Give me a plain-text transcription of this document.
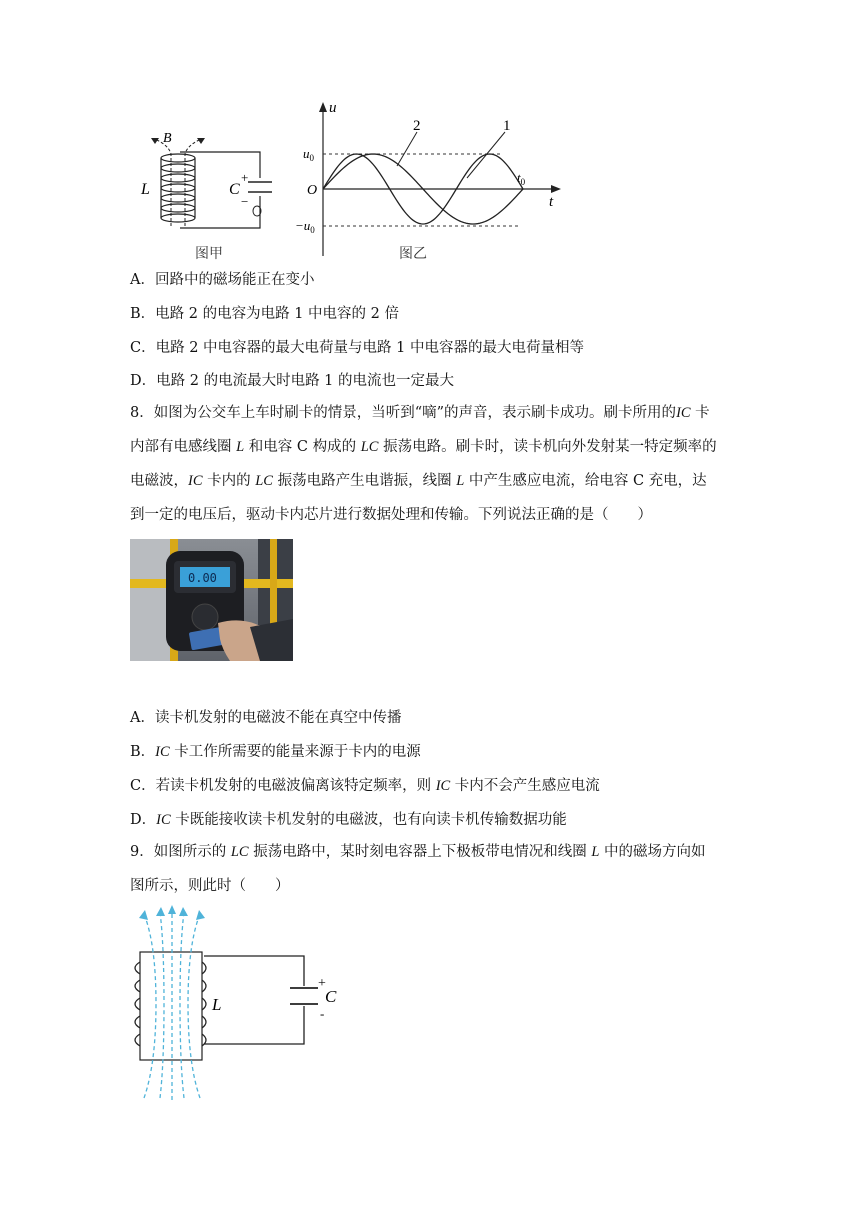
B
L	C
+
−
图甲
2	1
u
t
O
$u_0$
$-u_0$
$t_0$
图乙
A．回路中的磁场能正在变小
B．电路 2 的电容为电路 1 中电容的 2 倍
C．电路 2 中电容器的最大电荷量与电路 1 中电容器的最大电荷量相等
D．电路 2 的电流最大时电路 1 的电流也一定最大
8．如图为公交车上车时刷卡的情景，当听到“嘀”的声音，表示刷卡成功。刷卡所用的IC 卡
内部有电感线圈 L 和电容 C 构成的 LC 振荡电路。刷卡时，读卡机向外发射某一特定频率的
电磁波，IC 卡内的 LC 振荡电路产生电谐振，线圈 L 中产生感应电流，给电容 C 充电，达
到一定的电压后，驱动卡内芯片进行数据处理和传输。下列说法正确的是（　　）
0.00
A．读卡机发射的电磁波不能在真空中传播
B．IC 卡工作所需要的能量来源于卡内的电源
C．若读卡机发射的电磁波偏离该特定频率，则 IC 卡内不会产生感应电流
D．IC 卡既能接收读卡机发射的电磁波，也有向读卡机传输数据功能
9．如图所示的 LC 振荡电路中，某时刻电容器上下极板带电情况和线圈 L 中的磁场方向如
图所示，则此时（　　）
+
-
C
L
